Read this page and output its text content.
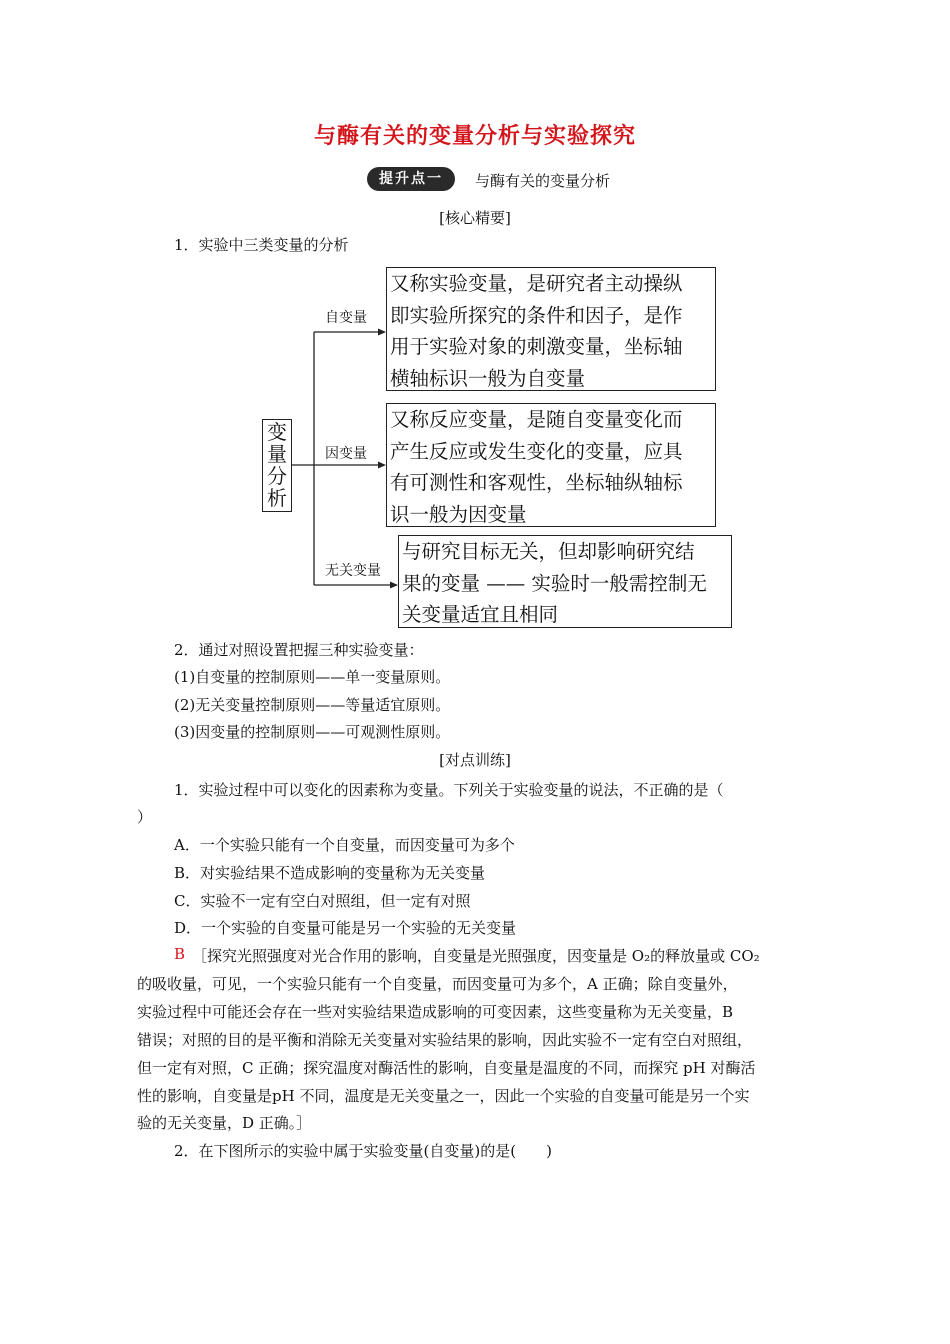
与酶有关的变量分析与实验探究
提升点一	与酶有关的变量分析
[核心精要]
1．实验中三类变量的分析
变
量
分
析
自变量
因变量
无关变量
又称实验变量，是研究者主动操纵
即实验所探究的条件和因子，是作
用于实验对象的刺激变量，坐标轴
横轴标识一般为自变量
又称反应变量，是随自变量变化而
产生反应或发生变化的变量，应具
有可测性和客观性，坐标轴纵轴标
识一般为因变量
与研究目标无关，但却影响研究结
果的变量 —— 实验时一般需控制无
关变量适宜且相同
2．通过对照设置把握三种实验变量：
(1)自变量的控制原则——单一变量原则。
(2)无关变量控制原则——等量适宜原则。
(3)因变量的控制原则——可观测性原则。
[对点训练]
1．实验过程中可以变化的因素称为变量。下列关于实验变量的说法，不正确的是（
）
A．一个实验只能有一个自变量，而因变量可为多个
B．对实验结果不造成影响的变量称为无关变量
C．实验不一定有空白对照组，但一定有对照
D．一个实验的自变量可能是另一个实验的无关变量
B ［探究光照强度对光合作用的影响，自变量是光照强度，因变量是 O₂的释放量或 CO₂
的吸收量，可见，一个实验只能有一个自变量，而因变量可为多个，A 正确；除自变量外，
实验过程中可能还会存在一些对实验结果造成影响的可变因素，这些变量称为无关变量，B
错误；对照的目的是平衡和消除无关变量对实验结果的影响，因此实验不一定有空白对照组，
但一定有对照，C 正确；探究温度对酶活性的影响，自变量是温度的不同，而探究 pH 对酶活
性的影响，自变量是pH 不同，温度是无关变量之一，因此一个实验的自变量可能是另一个实
验的无关变量，D 正确。］
2．在下图所示的实验中属于实验变量(自变量)的是(　　)
